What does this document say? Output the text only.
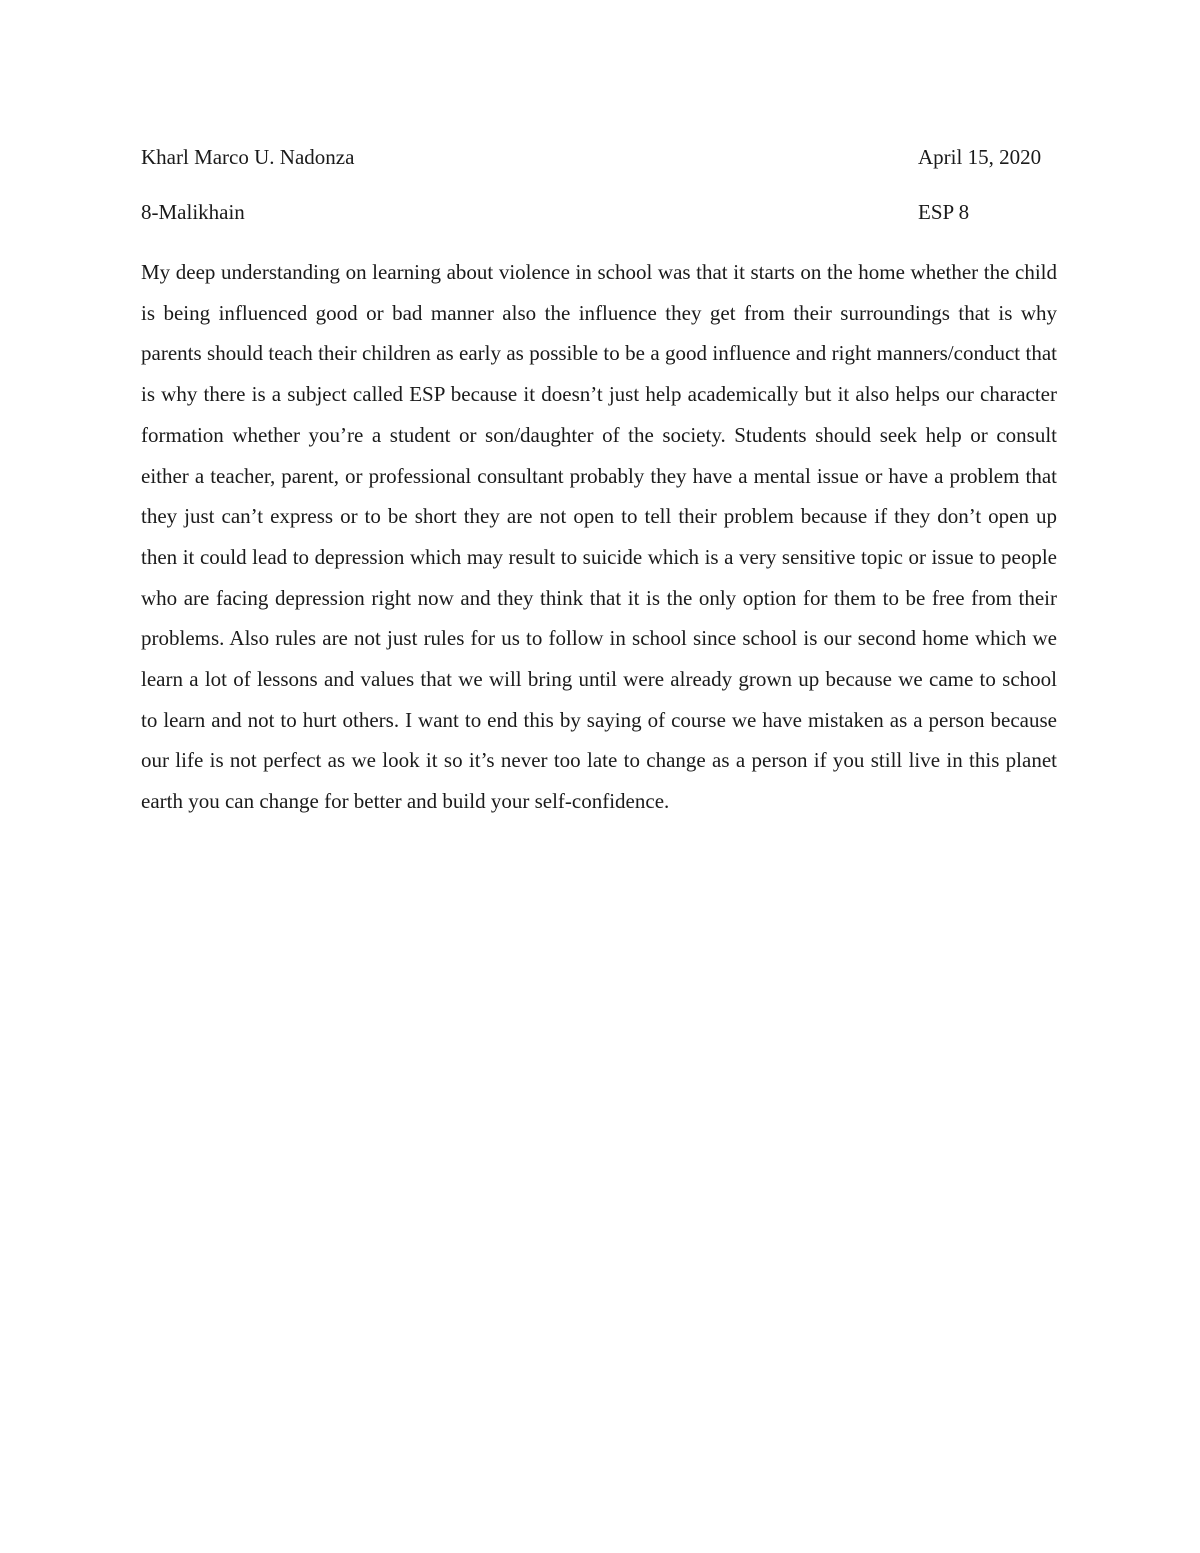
Kharl Marco U. Nadonza	April 15, 2020
8-Malikhain	ESP 8

My deep understanding on learning about violence in school was that it starts on the home whether the child is being influenced good or bad manner also the influence they get from their surroundings that is why parents should teach their children as early as possible to be a good influence and right manners/conduct that is why there is a subject called ESP because it doesn’t just help academically but it also helps our character formation whether you’re a student or son/daughter of the society. Students should seek help or consult either a teacher, parent, or professional consultant probably they have a mental issue or have a problem that they just can’t express or to be short they are not open to tell their problem because if they don’t open up then it could lead to depression which may result to suicide which is a very sensitive topic or issue to people who are facing depression right now and they think that it is the only option for them to be free from their problems. Also rules are not just rules for us to follow in school since school is our second home which we learn a lot of lessons and values that we will bring until were already grown up because we came to school to learn and not to hurt others. I want to end this by saying of course we have mistaken as a person because our life is not perfect as we look it so it’s never too late to change as a person if you still live in this planet earth you can change for better and build your self-confidence.
